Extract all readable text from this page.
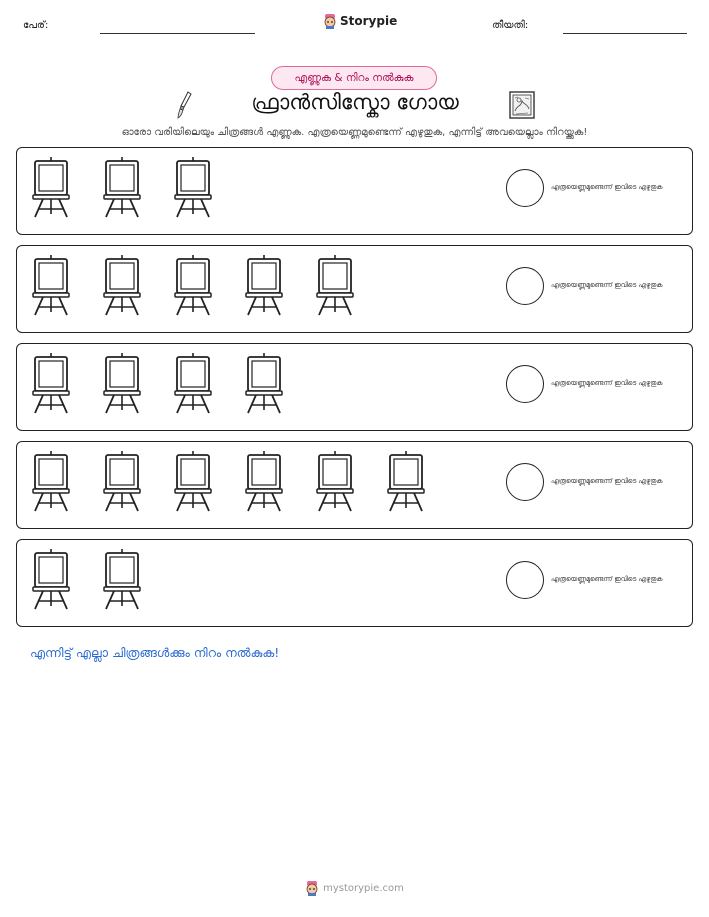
പേര്:	Storypie	തീയതി:
എണ്ണുക & നിറം നൽകുക
ഫ്രാൻസിസ്കോ ഗോയ
ഓരോ വരിയിലെയും ചിത്രങ്ങൾ എണ്ണുക. എത്രയെണ്ണമുണ്ടെന്ന് എഴുതുക, എന്നിട്ട് അവയെല്ലാം നിറയ്ക്കുക!
എത്രയെണ്ണമുണ്ടെന്ന് ഇവിടെ എഴുതുക
എത്രയെണ്ണമുണ്ടെന്ന് ഇവിടെ എഴുതുക
എത്രയെണ്ണമുണ്ടെന്ന് ഇവിടെ എഴുതുക
എത്രയെണ്ണമുണ്ടെന്ന് ഇവിടെ എഴുതുക
എത്രയെണ്ണമുണ്ടെന്ന് ഇവിടെ എഴുതുക
എന്നിട്ട് എല്ലാ ചിത്രങ്ങൾക്കും നിറം നൽകുക!
mystorypie.com
